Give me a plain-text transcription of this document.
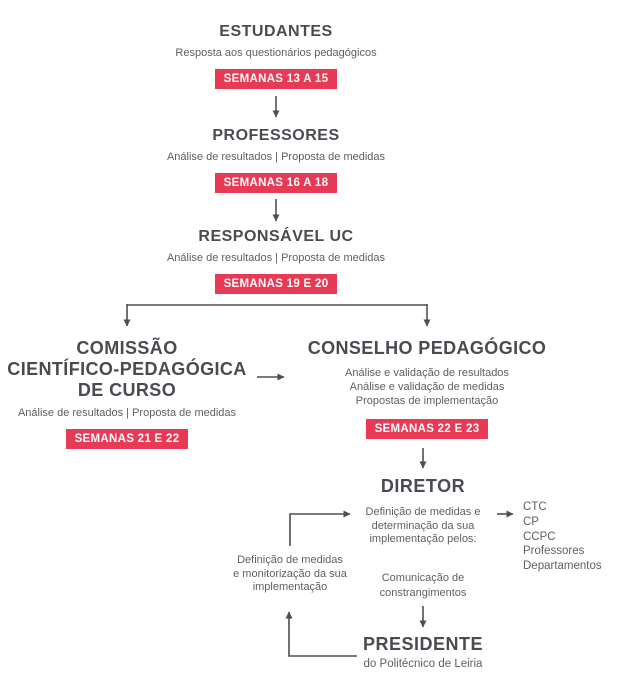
ESTUDANTES
Resposta aos questionários pedagógicos
SEMANAS 13 A 15
PROFESSORES
Análise de resultados | Proposta de medidas
SEMANAS 16 A 18
RESPONSÁVEL UC
Análise de resultados | Proposta de medidas
SEMANAS 19 E 20
COMISSÃO
CIENTÍFICO-PEDAGÓGICA
DE CURSO
Análise de resultados | Proposta de medidas
SEMANAS 21 E 22
CONSELHO PEDAGÓGICO
Análise e validação de resultados
Análise e validação de medidas
Propostas de implementação
SEMANAS 22 E 23
DIRETOR
Definição de medidas e
determinação da sua
implementação pelos:
CTC
CP
CCPC
Professores
Departamentos
Comunicação de
constrangimentos
PRESIDENTE
do Politécnico de Leiria
Definição de medidas
e monitorização da sua
implementação
